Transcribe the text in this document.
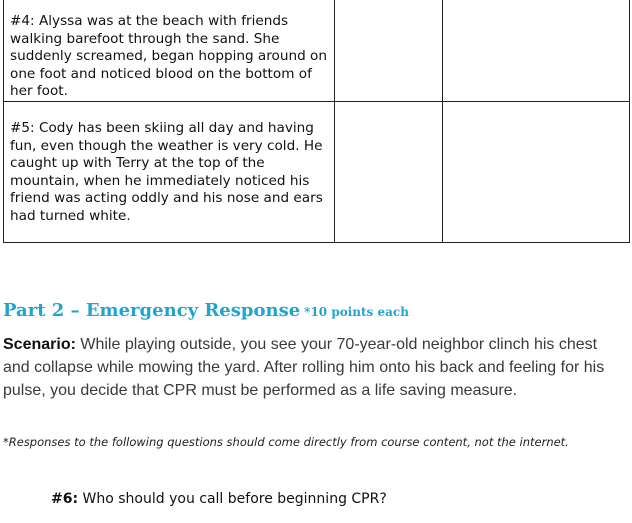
#4: Alyssa was at the beach with friends walking barefoot through the sand. She suddenly screamed, began hopping around on one foot and noticed blood on the bottom of her foot.		

#5: Cody has been skiing all day and having fun, even though the weather is very cold. He caught up with Terry at the top of the mountain, when he immediately noticed his friend was acting oddly and his nose and ears had turned white.		

Part 2 – Emergency Response *10 points each

Scenario: While playing outside, you see your 70-year-old neighbor clinch his chest and collapse while mowing the yard. After rolling him onto his back and feeling for his pulse, you decide that CPR must be performed as a life saving measure.

*Responses to the following questions should come directly from course content, not the internet.

#6: Who should you call before beginning CPR?
